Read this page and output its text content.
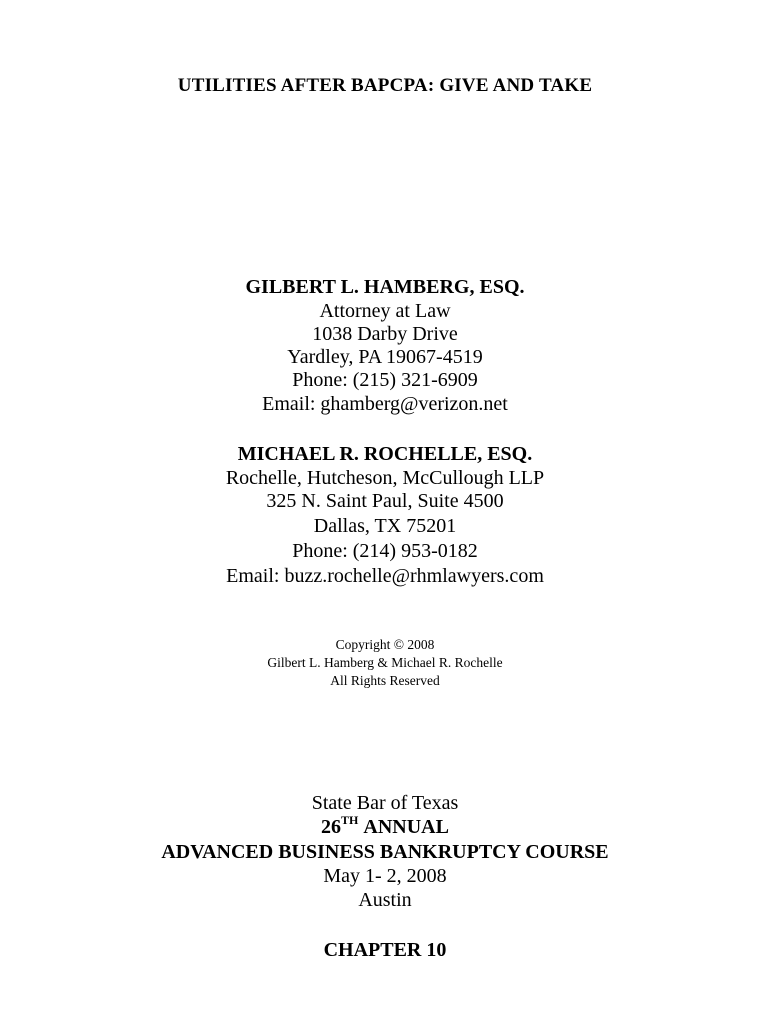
UTILITIES AFTER BAPCPA: GIVE AND TAKE
GILBERT L. HAMBERG, ESQ.
Attorney at Law
1038 Darby Drive
Yardley, PA 19067-4519
Phone: (215) 321-6909
Email: ghamberg@verizon.net
MICHAEL R. ROCHELLE, ESQ.
Rochelle, Hutcheson, McCullough LLP
325 N. Saint Paul, Suite 4500
Dallas, TX 75201
Phone: (214) 953-0182
Email: buzz.rochelle@rhmlawyers.com
Copyright © 2008
Gilbert L. Hamberg & Michael R. Rochelle
All Rights Reserved
State Bar of Texas
26TH ANNUAL
ADVANCED BUSINESS BANKRUPTCY COURSE
May 1- 2, 2008
Austin
CHAPTER 10
